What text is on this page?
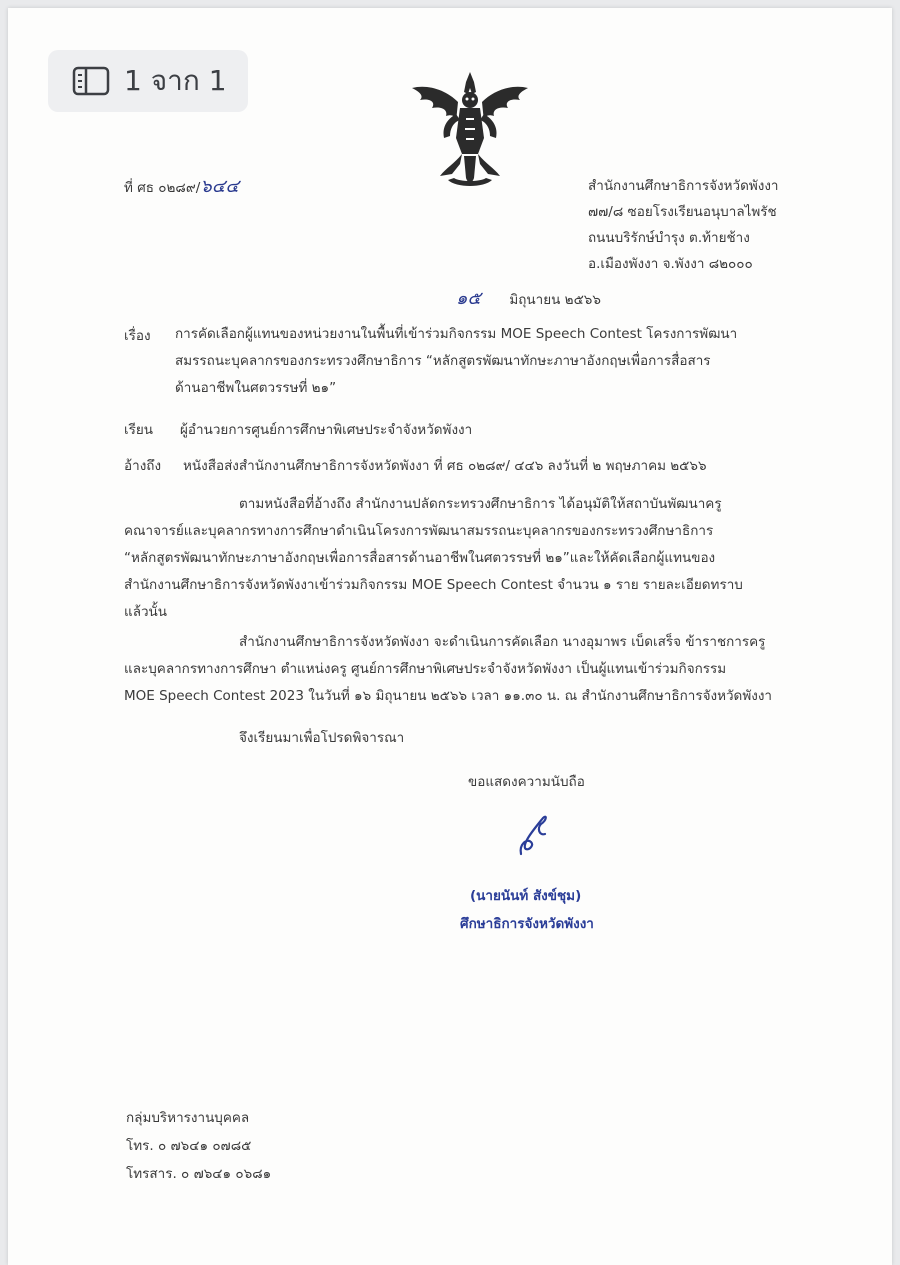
1 จาก 1
ที่ ศธ ๐๒๘๙/๖๔๔	สำนักงานศึกษาธิการจังหวัดพังงา
๗๗/๘ ซอยโรงเรียนอนุบาลไพรัช
ถนนบริรักษ์บำรุง ต.ท้ายช้าง
อ.เมืองพังงา จ.พังงา ๘๒๐๐๐
๑๕ มิถุนายน ๒๕๖๖
เรื่อง การคัดเลือกผู้แทนของหน่วยงานในพื้นที่เข้าร่วมกิจกรรม MOE Speech Contest โครงการพัฒนา
สมรรถนะบุคลากรของกระทรวงศึกษาธิการ “หลักสูตรพัฒนาทักษะภาษาอังกฤษเพื่อการสื่อสาร
ด้านอาชีพในศตวรรษที่ ๒๑”
เรียน ผู้อำนวยการศูนย์การศึกษาพิเศษประจำจังหวัดพังงา
อ้างถึง หนังสือส่งสำนักงานศึกษาธิการจังหวัดพังงา ที่ ศธ ๐๒๘๙/ ๔๔๖ ลงวันที่ ๒ พฤษภาคม ๒๕๖๖
ตามหนังสือที่อ้างถึง สำนักงานปลัดกระทรวงศึกษาธิการ ได้อนุมัติให้สถาบันพัฒนาครู
คณาจารย์และบุคลากรทางการศึกษาดำเนินโครงการพัฒนาสมรรถนะบุคลากรของกระทรวงศึกษาธิการ
“หลักสูตรพัฒนาทักษะภาษาอังกฤษเพื่อการสื่อสารด้านอาชีพในศตวรรษที่ ๒๑”และให้คัดเลือกผู้แทนของ
สำนักงานศึกษาธิการจังหวัดพังงาเข้าร่วมกิจกรรม MOE Speech Contest จำนวน ๑ ราย รายละเอียดทราบ
แล้วนั้น
สำนักงานศึกษาธิการจังหวัดพังงา จะดำเนินการคัดเลือก นางอุมาพร เบ็ดเสร็จ ข้าราชการครู
และบุคลากรทางการศึกษา ตำแหน่งครู ศูนย์การศึกษาพิเศษประจำจังหวัดพังงา เป็นผู้แทนเข้าร่วมกิจกรรม
MOE Speech Contest 2023 ในวันที่ ๑๖ มิถุนายน ๒๕๖๖ เวลา ๑๑.๓๐ น. ณ สำนักงานศึกษาธิการจังหวัดพังงา
จึงเรียนมาเพื่อโปรดพิจารณา
ขอแสดงความนับถือ
(นายนันท์ สังข์ชุม)
ศึกษาธิการจังหวัดพังงา
กลุ่มบริหารงานบุคคล
โทร. ๐ ๗๖๔๑ ๐๗๘๕
โทรสาร. ๐ ๗๖๔๑ ๐๖๘๑
